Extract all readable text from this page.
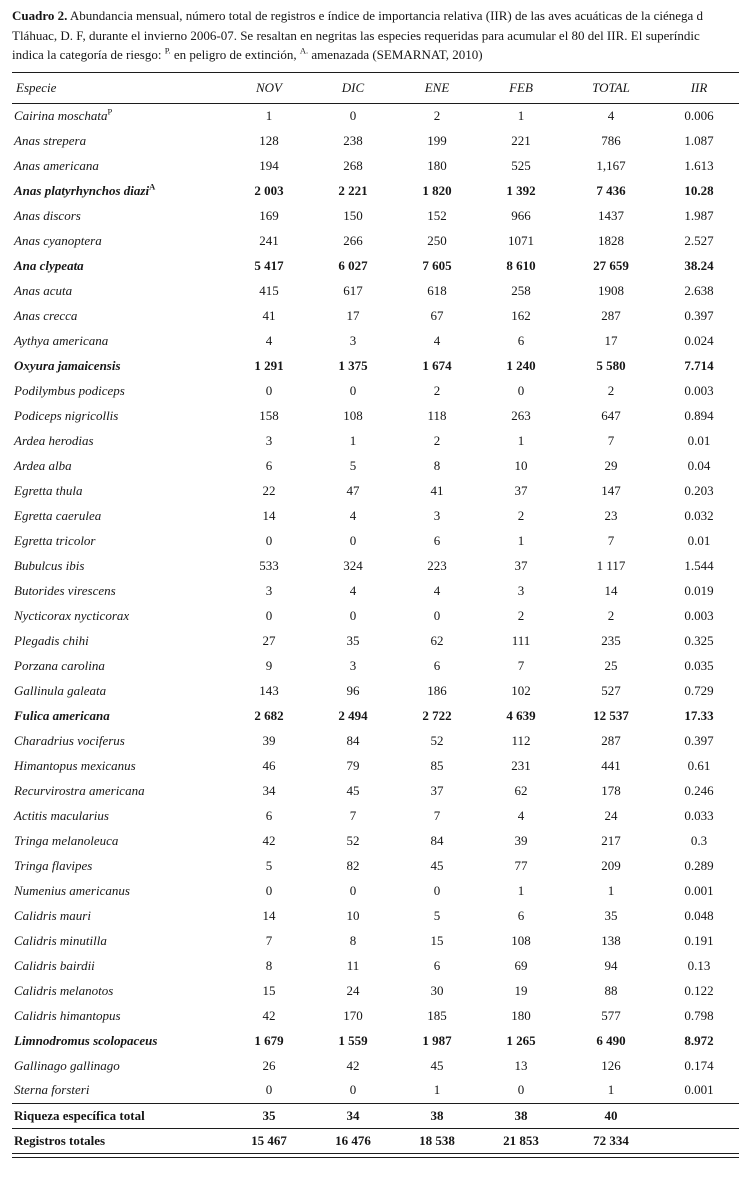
Cuadro 2. Abundancia mensual, número total de registros e índice de importancia relativa (IIR) de las aves acuáticas de la ciénega d
Tláhuac, D. F, durante el invierno 2006-07. Se resaltan en negritas las especies requeridas para acumular el 80 del IIR. El superíndic
indica la categoría de riesgo: $^{P.}$ en peligro de extinción, $^{A.}$ amenazada (SEMARNAT, 2010)
Especie	NOV	DIC	ENE	FEB	TOTAL	IIR
Cairina moschata$^P$	1	0	2	1	4	0.006
Anas strepera	128	238	199	221	786	1.087
Anas americana	194	268	180	525	1,167	1.613
Anas platyrhynchos diazi$^A$	2 003	2 221	1 820	1 392	7 436	10.28
Anas discors	169	150	152	966	1437	1.987
Anas cyanoptera	241	266	250	1071	1828	2.527
Ana clypeata	5 417	6 027	7 605	8 610	27 659	38.24
Anas acuta	415	617	618	258	1908	2.638
Anas crecca	41	17	67	162	287	0.397
Aythya americana	4	3	4	6	17	0.024
Oxyura jamaicensis	1 291	1 375	1 674	1 240	5 580	7.714
Podilymbus podiceps	0	0	2	0	2	0.003
Podiceps nigricollis	158	108	118	263	647	0.894
Ardea herodias	3	1	2	1	7	0.01
Ardea alba	6	5	8	10	29	0.04
Egretta thula	22	47	41	37	147	0.203
Egretta caerulea	14	4	3	2	23	0.032
Egretta tricolor	0	0	6	1	7	0.01
Bubulcus ibis	533	324	223	37	1 117	1.544
Butorides virescens	3	4	4	3	14	0.019
Nycticorax nycticorax	0	0	0	2	2	0.003
Plegadis chihi	27	35	62	111	235	0.325
Porzana carolina	9	3	6	7	25	0.035
Gallinula galeata	143	96	186	102	527	0.729
Fulica americana	2 682	2 494	2 722	4 639	12 537	17.33
Charadrius vociferus	39	84	52	112	287	0.397
Himantopus mexicanus	46	79	85	231	441	0.61
Recurvirostra americana	34	45	37	62	178	0.246
Actitis macularius	6	7	7	4	24	0.033
Tringa melanoleuca	42	52	84	39	217	0.3
Tringa flavipes	5	82	45	77	209	0.289
Numenius americanus	0	0	0	1	1	0.001
Calidris mauri	14	10	5	6	35	0.048
Calidris minutilla	7	8	15	108	138	0.191
Calidris bairdii	8	11	6	69	94	0.13
Calidris melanotos	15	24	30	19	88	0.122
Calidris himantopus	42	170	185	180	577	0.798
Limnodromus scolopaceus	1 679	1 559	1 987	1 265	6 490	8.972
Gallinago gallinago	26	42	45	13	126	0.174
Sterna forsteri	0	0	1	0	1	0.001
Riqueza específica total	35	34	38	38	40	
Registros totales	15 467	16 476	18 538	21 853	72 334	
